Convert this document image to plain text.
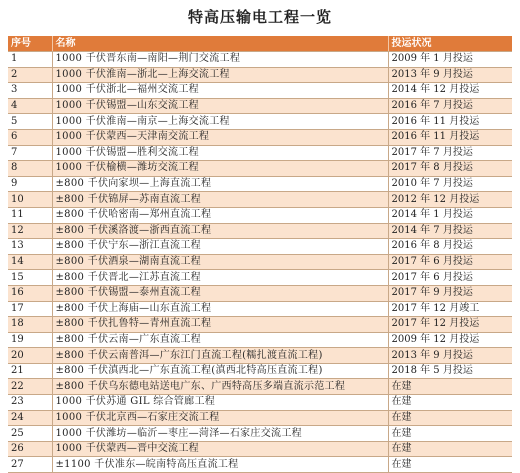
特高压输电工程一览
序号	名称	投运状况
1	1000 千伏晋东南—南阳—荆门交流工程	2009 年 1 月投运
2	1000 千伏淮南—浙北—上海交流工程	2013 年 9 月投运
3	1000 千伏浙北—福州交流工程	2014 年 12 月投运
4	1000 千伏锡盟—山东交流工程	2016 年 7 月投运
5	1000 千伏淮南—南京—上海交流工程	2016 年 11 月投运
6	1000 千伏蒙西—天津南交流工程	2016 年 11 月投运
7	1000 千伏锡盟—胜利交流工程	2017 年 7 月投运
8	1000 千伏榆横—潍坊交流工程	2017 年 8 月投运
9	±800 千伏向家坝—上海直流工程	2010 年 7 月投运
10	±800 千伏锦屏—苏南直流工程	2012 年 12 月投运
11	±800 千伏哈密南—郑州直流工程	2014 年 1 月投运
12	±800 千伏溪洛渡—浙西直流工程	2014 年 7 月投运
13	±800 千伏宁东—浙江直流工程	2016 年 8 月投运
14	±800 千伏酒泉—湖南直流工程	2017 年 6 月投运
15	±800 千伏晋北—江苏直流工程	2017 年 6 月投运
16	±800 千伏锡盟—泰州直流工程	2017 年 9 月投运
17	±800 千伏上海庙—山东直流工程	2017 年 12 月竣工
18	±800 千伏扎鲁特—青州直流工程	2017 年 12 月投运
19	±800 千伏云南—广东直流工程	2009 年 12 月投运
20	±800 千伏云南普洱—广东江门直流工程(糯扎渡直流工程)	2013 年 9 月投运
21	±800 千伏滇西北—广东直流工程(滇西北特高压直流工程)	2018 年 5 月投运
22	±800 千伏乌东德电站送电广东、广西特高压多端直流示范工程	在建
23	1000 千伏苏通 GIL 综合管廊工程	在建
24	1000 千伏北京西—石家庄交流工程	在建
25	1000 千伏潍坊—临沂—枣庄—菏泽—石家庄交流工程	在建
26	1000 千伏蒙西—晋中交流工程	在建
27	±1100 千伏准东—皖南特高压直流工程	在建
